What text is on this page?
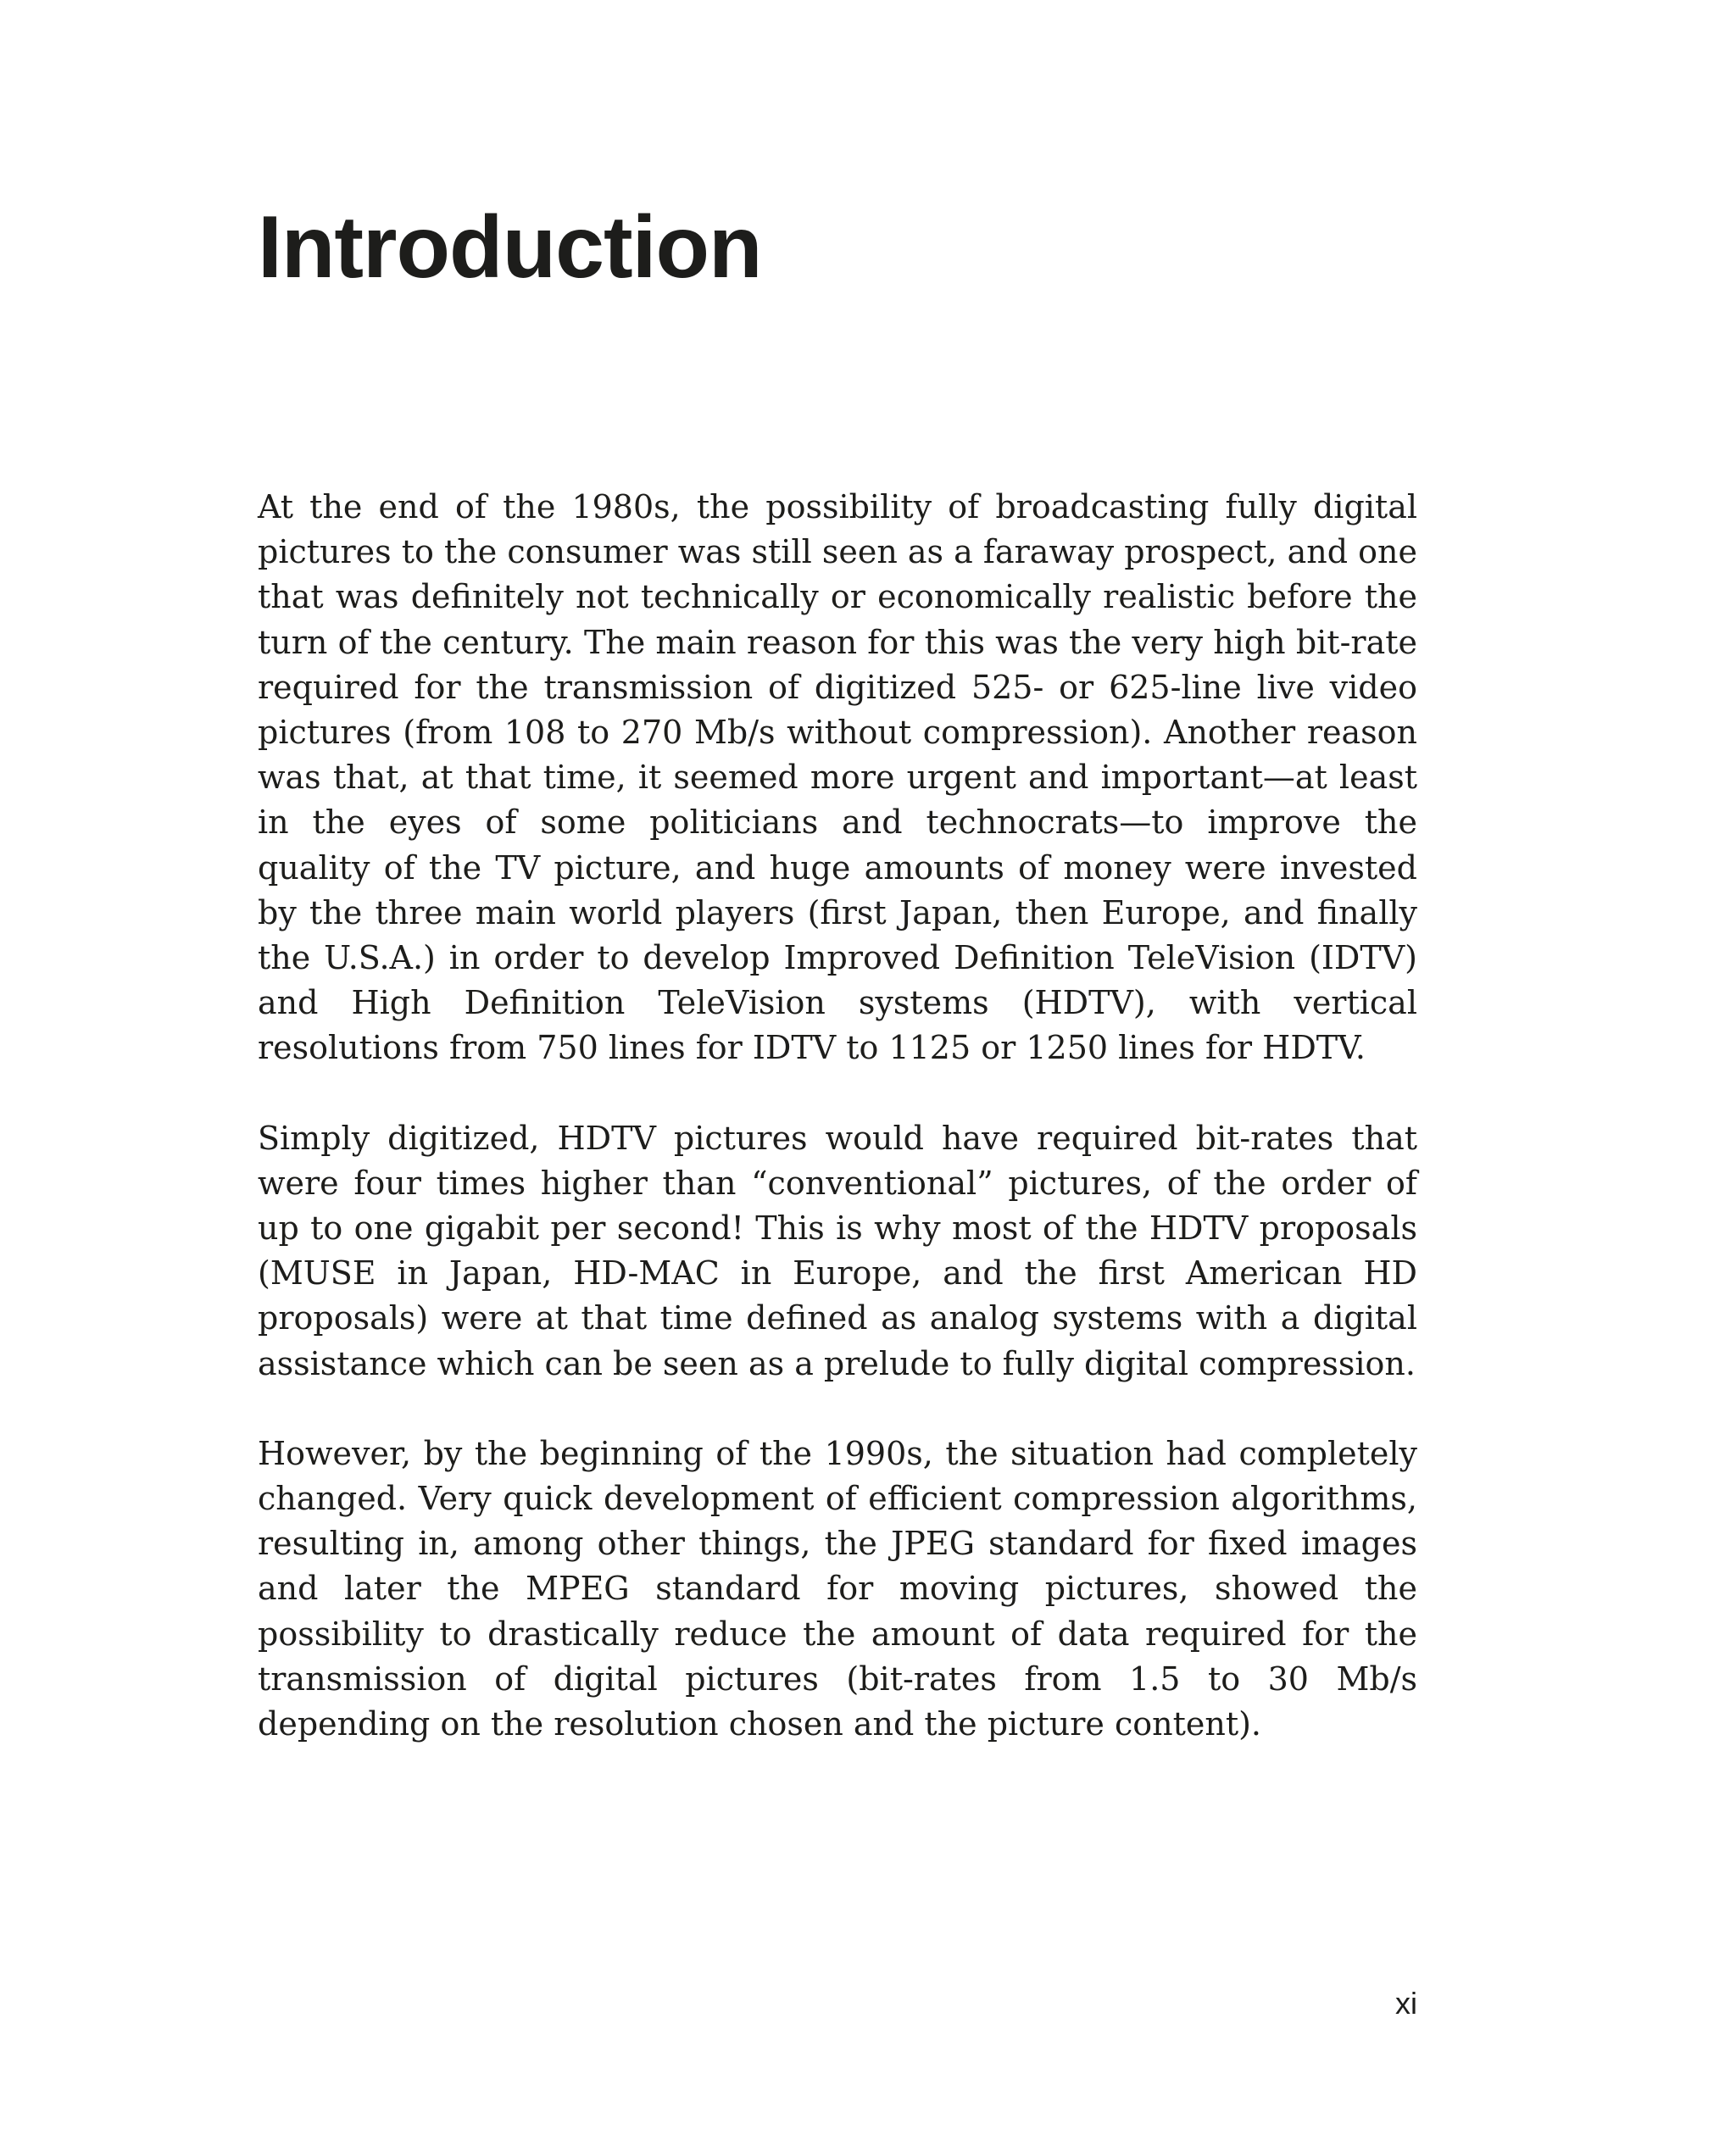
Introduction

At the end of the 1980s, the possibility of broadcasting fully digital pictures to the consumer was still seen as a faraway prospect, and one that was definitely not technically or economically realistic before the turn of the century. The main reason for this was the very high bit-rate required for the transmission of digitized 525- or 625-line live video pictures (from 108 to 270 Mb/s without compression). Another reason was that, at that time, it seemed more urgent and important—at least in the eyes of some politicians and technocrats—to improve the quality of the TV picture, and huge amounts of money were invested by the three main world players (first Japan, then Europe, and finally the U.S.A.) in order to develop Improved Definition TeleVision (IDTV) and High Definition TeleVision systems (HDTV), with vertical resolutions from 750 lines for IDTV to 1125 or 1250 lines for HDTV.

Simply digitized, HDTV pictures would have required bit-rates that were four times higher than “conventional” pictures, of the order of up to one gigabit per second! This is why most of the HDTV proposals (MUSE in Japan, HD-MAC in Europe, and the first American HD proposals) were at that time defined as analog systems with a digital assistance which can be seen as a prelude to fully digital compression.

However, by the beginning of the 1990s, the situation had completely changed. Very quick development of efficient compression algorithms, resulting in, among other things, the JPEG standard for fixed images and later the MPEG standard for moving pictures, showed the possibility to drastically reduce the amount of data required for the transmission of digital pictures (bit-rates from 1.5 to 30 Mb/s depending on the resolution chosen and the picture content).

xi
